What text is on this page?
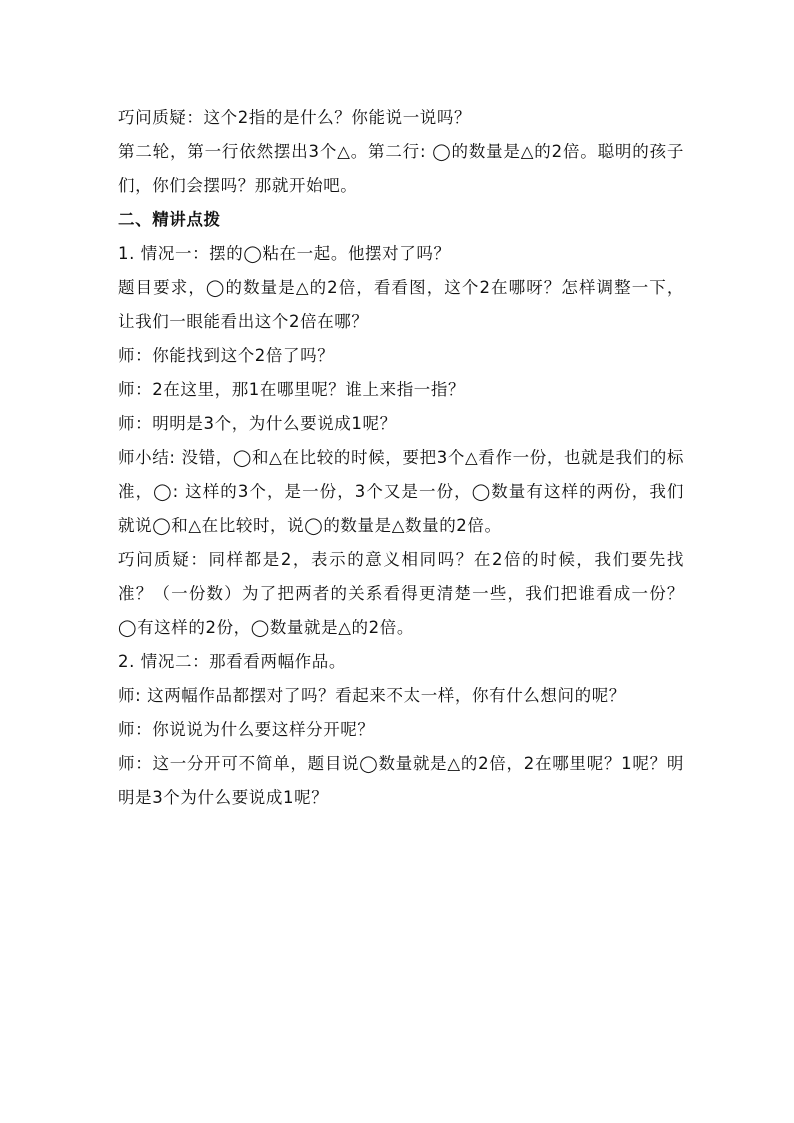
巧问质疑：这个2指的是什么？你能说一说吗？

第二轮，第一行依然摆出3个△。第二行: ◯的数量是△的2倍。聪明的孩子们，你们会摆吗？那就开始吧。

二、精讲点拨

1. 情况一：摆的◯粘在一起。他摆对了吗？

题目要求，◯的数量是△的2倍，看看图，这个2在哪呀？怎样调整一下，让我们一眼能看出这个2倍在哪？

师：你能找到这个2倍了吗？

师：2在这里，那1在哪里呢？谁上来指一指？

师：明明是3个，为什么要说成1呢？

师小结: 没错，◯和△在比较的时候，要把3个△看作一份，也就是我们的标准，◯: 这样的3个，是一份，3个又是一份，◯数量有这样的两份，我们就说◯和△在比较时，说◯的数量是△数量的2倍。

巧问质疑：同样都是2，表示的意义相同吗？在2倍的时候，我们要先找准？（一份数）为了把两者的关系看得更清楚一些，我们把谁看成一份？◯有这样的2份，◯数量就是△的2倍。

2. 情况二：那看看两幅作品。

师: 这两幅作品都摆对了吗？看起来不太一样，你有什么想问的呢？

师：你说说为什么要这样分开呢？

师：这一分开可不简单，题目说◯数量就是△的2倍，2在哪里呢？1呢？明明是3个为什么要说成1呢？
